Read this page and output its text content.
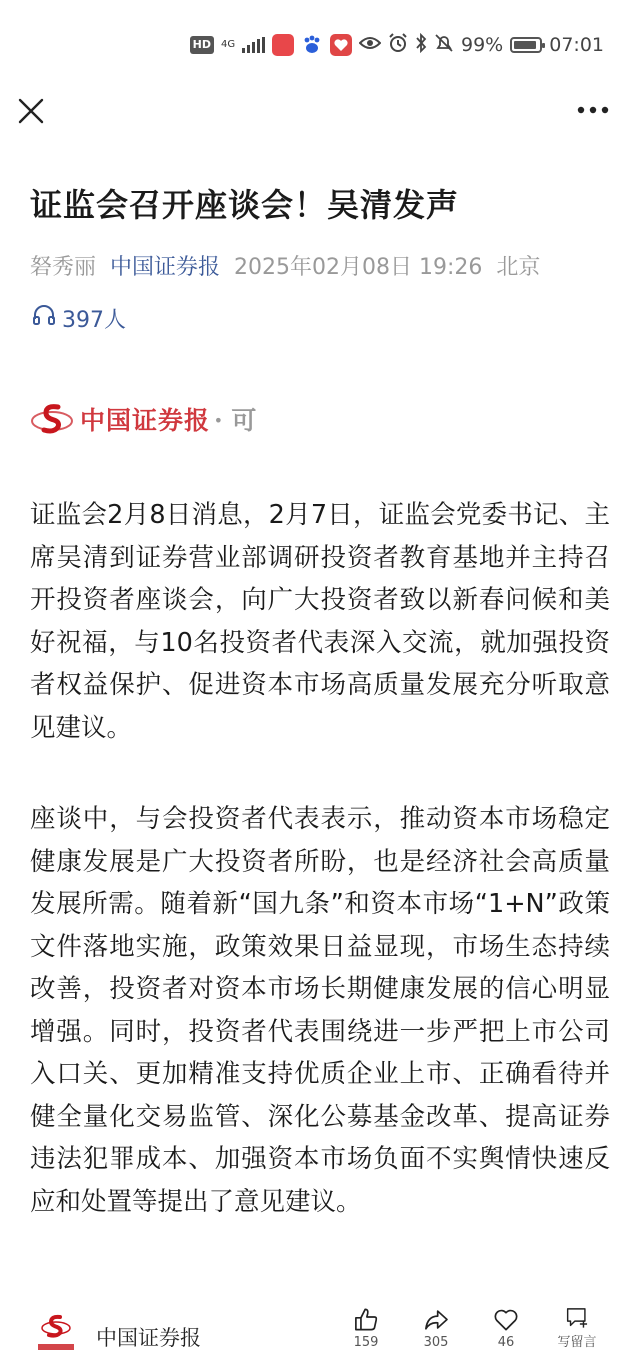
HD	4G	99% 07:01
证监会召开座谈会！吴清发声
砮秀丽 中国证券报 2025年02月08日 19:26 北京
397人
中国证券报 · 可
证监会2月8日消息，2月7日，证监会党委书记、主席吴清到证券营业部调研投资者教育基地并主持召开投资者座谈会，向广大投资者致以新春问候和美好祝福，与10名投资者代表深入交流，就加强投资者权益保护、促进资本市场高质量发展充分听取意见建议。
座谈中，与会投资者代表表示，推动资本市场稳定健康发展是广大投资者所盼，也是经济社会高质量发展所需。随着新“国九条”和资本市场“1+N”政策文件落地实施，政策效果日益显现，市场生态持续改善，投资者对资本市场长期健康发展的信心明显增强。同时，投资者代表围绕进一步严把上市公司入口关、更加精准支持优质企业上市、正确看待并健全量化交易监管、深化公募基金改革、提高证券违法犯罪成本、加强资本市场负面不实舆情快速反应和处置等提出了意见建议。
中国证券报	159	305	46	写留言
